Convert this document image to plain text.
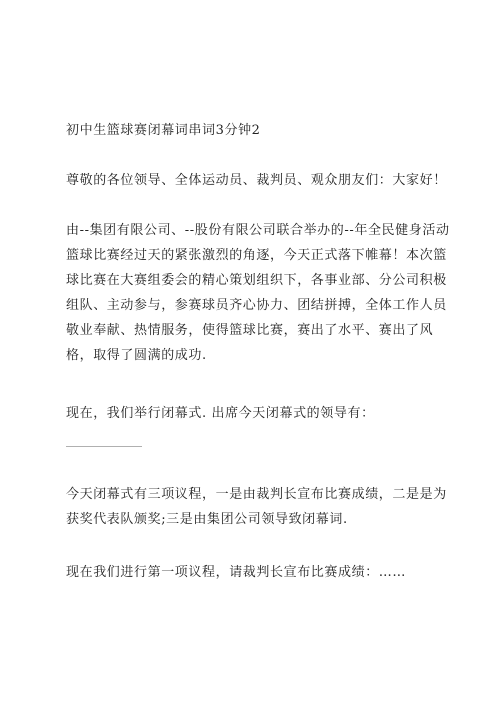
初中生篮球赛闭幕词串词3分钟2

尊敬的各位领导、全体运动员、裁判员、观众朋友们：大家好！

由--集团有限公司、--股份有限公司联合举办的--年全民健身活动篮球比赛经过天的紧张激烈的角逐，今天正式落下帷幕！本次篮球比赛在大赛组委会的精心策划组织下，各事业部、分公司积极组队、主动参与，参赛球员齐心协力、团结拼搏，全体工作人员敬业奉献、热情服务，使得篮球比赛，赛出了水平、赛出了风格，取得了圆满的成功.

现在，我们举行闭幕式. 出席今天闭幕式的领导有：

今天闭幕式有三项议程，一是由裁判长宣布比赛成绩，二是是为获奖代表队颁奖;三是由集团公司领导致闭幕词.

现在我们进行第一项议程，请裁判长宣布比赛成绩：……
